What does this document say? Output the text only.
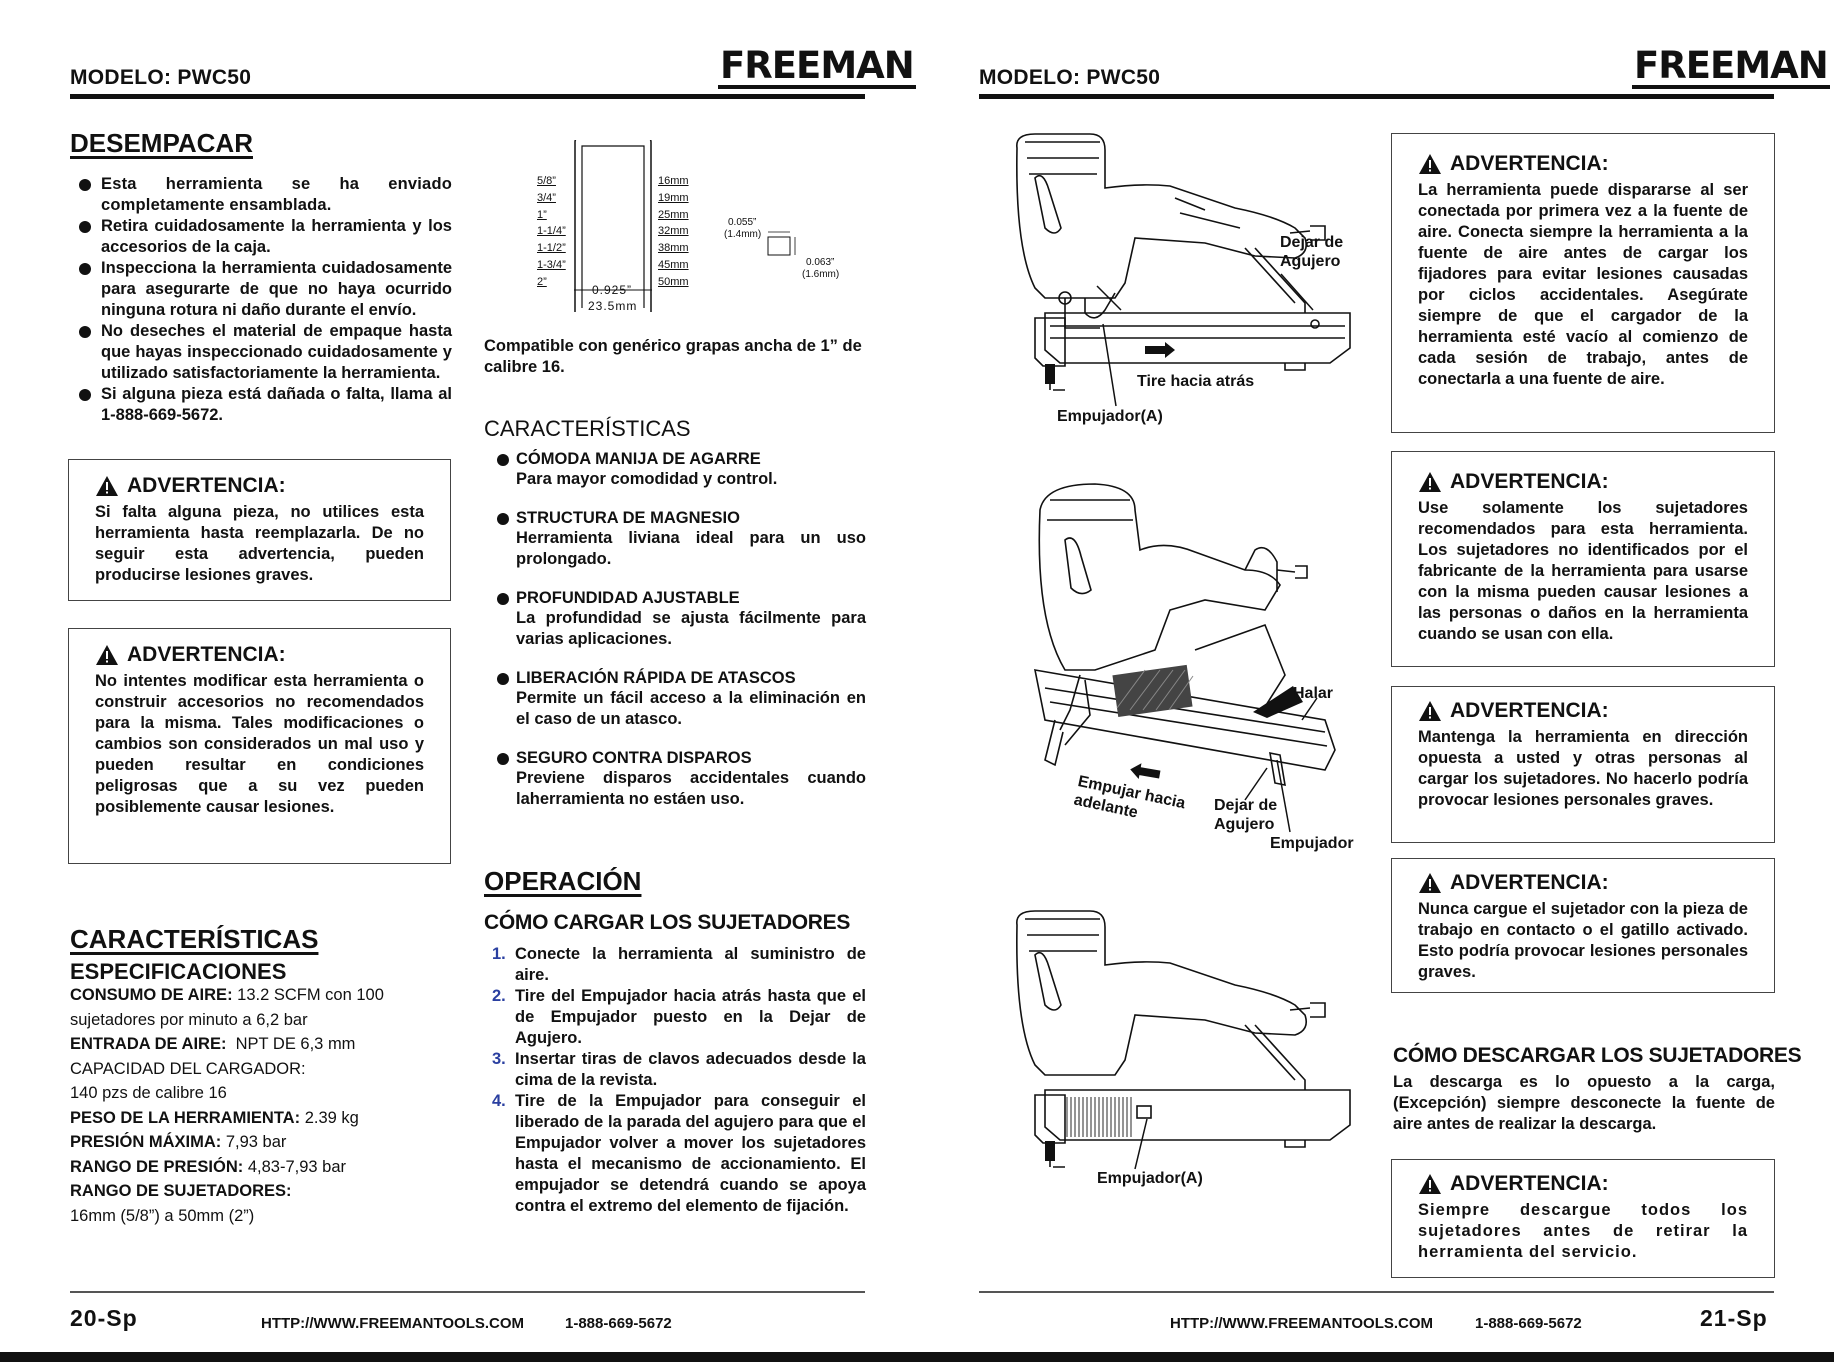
MODELO: PWC50	FREEMAN
DESEMPACAR
Esta herramienta se ha enviado completamente ensamblada.
Retira cuidadosamente la herramienta y los accesorios de la caja.
Inspecciona la herramienta cuidadosamente para asegurarte de que no haya ocurrido ninguna rotura ni daño durante el envío.
No deseches el material de empaque hasta que hayas inspeccionado cuidadosamente y utilizado satisfactoriamente la herramienta.
Si alguna pieza está dañada o falta, llama al 1-888-669-5672.
ADVERTENCIA:
Si falta alguna pieza, no utilices esta herramienta hasta reemplazarla. De no seguir esta advertencia, pueden producirse lesiones graves.
ADVERTENCIA:
No intentes modificar esta herramienta o construir accesorios no recomendados para la misma. Tales modificaciones o cambios son considerados un mal uso y pueden resultar en condiciones peligrosas que a su vez pueden posiblemente causar lesiones.
CARACTERÍSTICAS
ESPECIFICACIONES
CONSUMO DE AIRE: 13.2 SCFM con 100
sujetadores por minuto a 6,2 bar
ENTRADA DE AIRE: NPT DE 6,3 mm
CAPACIDAD DEL CARGADOR:
140 pzs de calibre 16
PESO DE LA HERRAMIENTA: 2.39 kg
PRESIÓN MÁXIMA: 7,93 bar
RANGO DE PRESIÓN: 4,83-7,93 bar
RANGO DE SUJETADORES:
16mm (5/8”) a 50mm (2”)
5/8”
3/4”
1”
1-1/4”
1-1/2”
1-3/4”
2”
16mm
19mm
25mm
32mm
38mm
45mm
50mm
0.925”
23.5mm
0.055”
(1.4mm)
0.063”
(1.6mm)
Compatible con genérico grapas ancha de 1” de calibre 16.
CARACTERÍSTICAS
CÓMODA MANIJA DE AGARRE
Para mayor comodidad y control.
STRUCTURA DE MAGNESIO
Herramienta liviana ideal para un uso prolongado.
PROFUNDIDAD AJUSTABLE
La profundidad se ajusta fácilmente para varias aplicaciones.
LIBERACIÓN RÁPIDA DE ATASCOS
Permite un fácil acceso a la eliminación en el caso de un atasco.
SEGURO CONTRA DISPAROS
Previene disparos accidentales cuando laherramienta no estáen uso.
OPERACIÓN
CÓMO CARGAR LOS SUJETADORES
1. Conecte la herramienta al suministro de aire.
2. Tire del Empujador hacia atrás hasta que el de Empujador puesto en la Dejar de Agujero.
3. Insertar tiras de clavos adecuados desde la cima de la revista.
4. Tire de la Empujador para conseguir el liberado de la parada del agujero para que el Empujador volver a mover los sujetadores hasta el mecanismo de accionamiento. El empujador se detendrá cuando se apoya contra el extremo del elemento de fijación.
20-Sp	HTTP://WWW.FREEMANTOOLS.COM	1-888-669-5672
MODELO: PWC50	FREEMAN
Dejar de Agujero
Tire hacia atrás
Empujador(A)
Halar
Empujar hacia adelante	Dejar de Agujero
Empujador
Empujador(A)
ADVERTENCIA:
La herramienta puede dispararse al ser conectada por primera vez a la fuente de aire. Conecta siempre la herramienta a la fuente de aire antes de cargar los fijadores para evitar lesiones causadas por ciclos accidentales. Asegúrate siempre de que el cargador de la herramienta esté vacío al comienzo de cada sesión de trabajo, antes de conectarla a una fuente de aire.
ADVERTENCIA:
Use solamente los sujetadores recomendados para esta herramienta. Los sujetadores no identificados por el fabricante de la herramienta para usarse con la misma pueden causar lesiones a las personas o daños en la herramienta cuando se usan con ella.
ADVERTENCIA:
Mantenga la herramienta en dirección opuesta a usted y otras personas al cargar los sujetadores. No hacerlo podría provocar lesiones personales graves.
ADVERTENCIA:
Nunca cargue el sujetador con la pieza de trabajo en contacto o el gatillo activado. Esto podría provocar lesiones personales graves.
CÓMO DESCARGAR LOS SUJETADORES
La descarga es lo opuesto a la carga, (Excepción) siempre desconecte la fuente de aire antes de realizar la descarga.
ADVERTENCIA:
Siempre descargue todos los sujetadores antes de retirar la herramienta del servicio.
HTTP://WWW.FREEMANTOOLS.COM	1-888-669-5672	21-Sp
